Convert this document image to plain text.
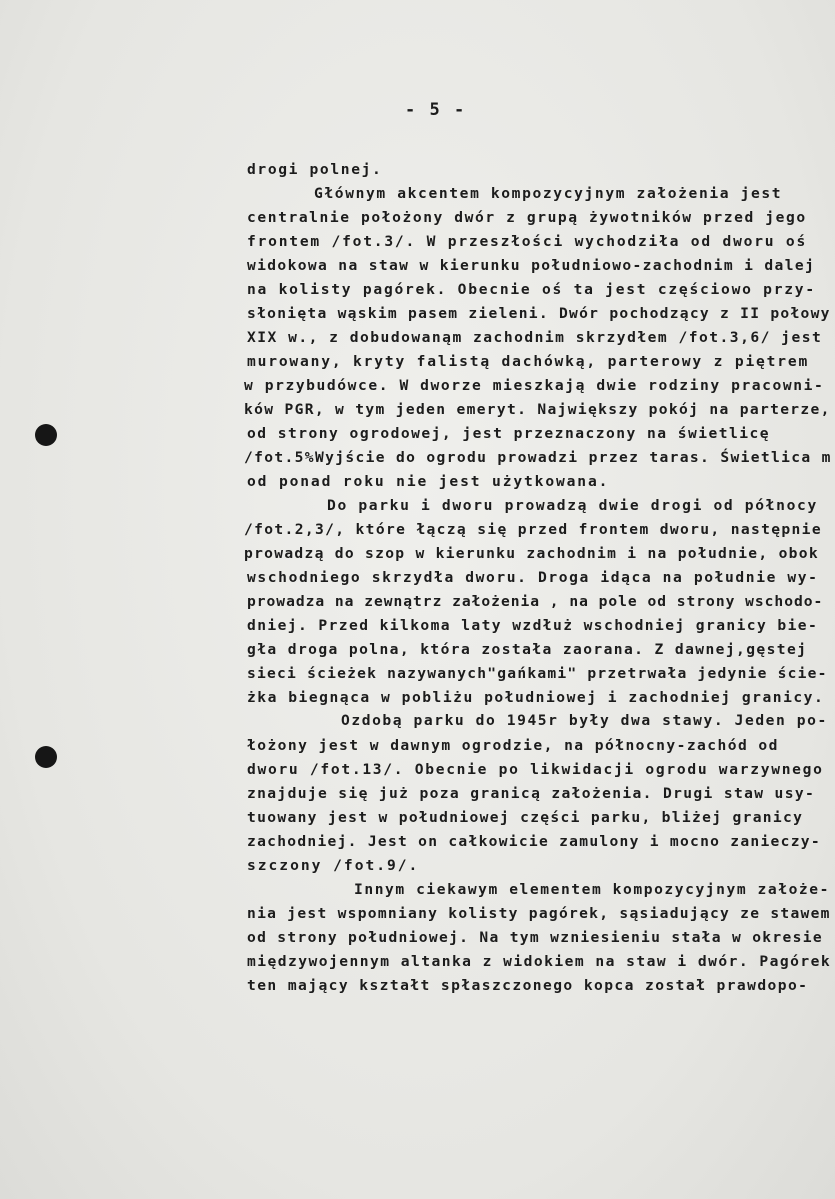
- 5 -
drogi polnej.
Głównym akcentem kompozycyjnym założenia jest
centralnie położony dwór z grupą żywotników przed jego
frontem /fot.3/. W przeszłości wychodziła od dworu oś
widokowa na staw w kierunku południowo-zachodnim i dalej
na kolisty pagórek. Obecnie oś ta jest częściowo przy-
słonięta wąskim pasem zieleni. Dwór pochodzący z II połowy
XIX w., z dobudowanąm zachodnim skrzydłem /fot.3,6/ jest
murowany, kryty falistą dachówką, parterowy z piętrem
w przybudówce. W dworze mieszkają dwie rodziny pracowni-
ków PGR, w tym jeden emeryt. Największy pokój na parterze,
od strony ogrodowej, jest przeznaczony na świetlicę
/fot.5%Wyjście do ogrodu prowadzi przez taras. Świetlica m
od ponad roku nie jest użytkowana.
Do parku i dworu prowadzą dwie drogi od północy
/fot.2,3/, które łączą się przed frontem dworu, następnie
prowadzą do szop w kierunku zachodnim i na południe, obok
wschodniego skrzydła dworu. Droga idąca na południe wy-
prowadza na zewnątrz założenia , na pole od strony wschodo-
dniej. Przed kilkoma laty wzdłuż wschodniej granicy bie-
gła droga polna, która została zaorana. Z dawnej,gęstej
sieci ścieżek nazywanych"gańkami" przetrwała jedynie ście-
żka biegnąca w pobliżu południowej i zachodniej granicy.
Ozdobą parku do 1945r były dwa stawy. Jeden po-
łożony jest w dawnym ogrodzie, na północny-zachód od
dworu /fot.13/. Obecnie po likwidacji ogrodu warzywnego
znajduje się już poza granicą założenia. Drugi staw usy-
tuowany jest w południowej części parku, bliżej granicy
zachodniej. Jest on całkowicie zamulony i mocno zanieczy-
szczony /fot.9/.
Innym ciekawym elementem kompozycyjnym założe-
nia jest wspomniany kolisty pagórek, sąsiadujący ze stawem
od strony południowej. Na tym wzniesieniu stała w okresie
międzywojennym altanka z widokiem na staw i dwór. Pagórek
ten mający kształt spłaszczonego kopca został prawdopo-
